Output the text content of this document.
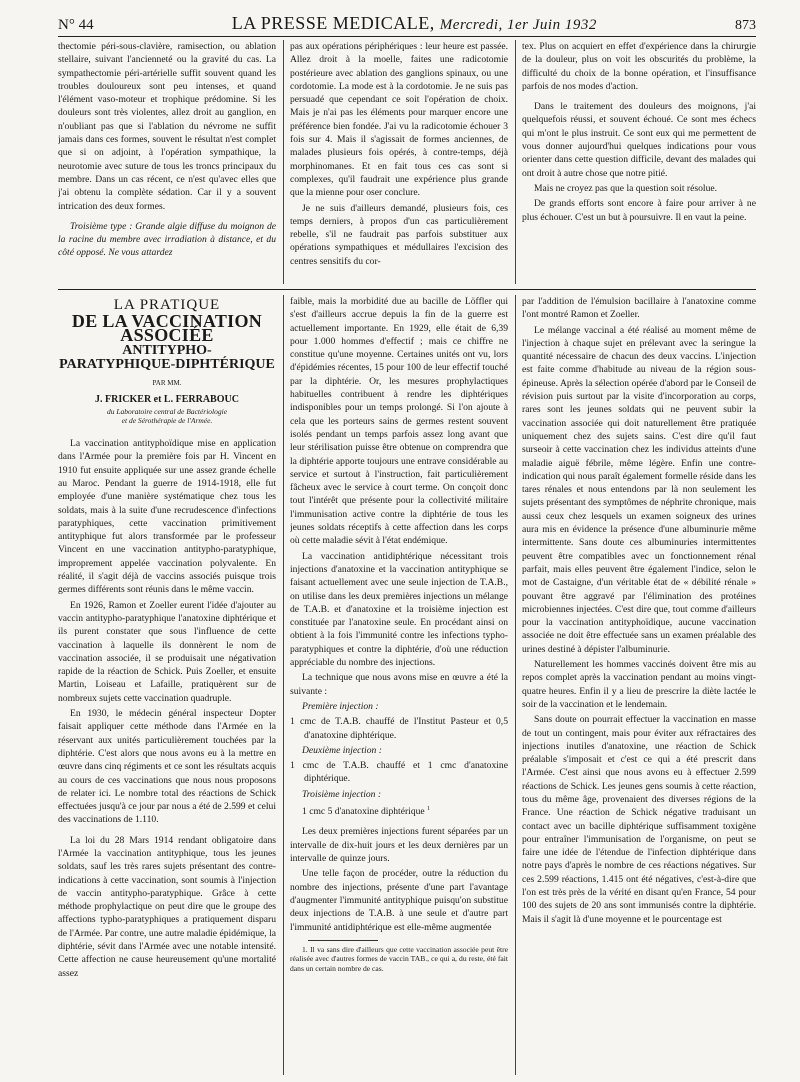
N° 44	LA PRESSE MEDICALE, Mercredi, 1er Juin 1932	873

thectomie péri-sous-clavière, ramisection, ou ablation stellaire, suivant l'ancienneté ou la gravité du cas. La sympathectomie péri-artérielle suffit souvent quand les troubles douloureux sont peu intenses, et quand l'élément vaso-moteur et trophique prédomine. Si les douleurs sont très violentes, allez droit au ganglion, en n'oubliant pas que si l'ablation du névrome ne suffit jamais dans ces formes, souvent le résultat n'est complet que si on adjoint, à l'opération sympathique, la neurotomie avec suture de tous les troncs principaux du membre. Dans un cas récent, ce n'est qu'avec elles que j'ai obtenu la complète sédation. Car il y a souvent intrication des deux formes.

Troisième type : Grande algie diffuse du moignon de la racine du membre avec irradiation à distance, et du côté opposé. Ne vous attardez

pas aux opérations périphériques : leur heure est passée. Allez droit à la moelle, faites une radicotomie postérieure avec ablation des ganglions spinaux, ou une cordotomie. La mode est à la cordotomie. Je ne suis pas persuadé que cependant ce soit l'opération de choix. Mais je n'ai pas les éléments pour marquer encore une préférence bien fondée. J'ai vu la radicotomie échouer 3 fois sur 4. Mais il s'agissait de formes anciennes, de malades plusieurs fois opérés, à contre-temps, déjà morphinomanes. Et en fait tous ces cas sont si complexes, qu'il faudrait une expérience plus grande que la mienne pour oser conclure.

Je ne suis d'ailleurs demandé, plusieurs fois, ces temps derniers, à propos d'un cas particulièrement rebelle, s'il ne faudrait pas parfois substituer aux opérations sympathiques et médullaires l'excision des centres sensitifs du cor-

tex. Plus on acquiert en effet d'expérience dans la chirurgie de la douleur, plus on voit les obscurités du problème, la difficulté du choix de la bonne opération, et l'insuffisance parfois de nos modes d'action.

Dans le traitement des douleurs des moignons, j'ai quelquefois réussi, et souvent échoué. Ce sont mes échecs qui m'ont le plus instruit. Ce sont eux qui me permettent de vous donner aujourd'hui quelques indications pour vous orienter dans cette question difficile, devant des malades qui ont droit à autre chose que notre pitié.

Mais ne croyez pas que la question soit résolue.

De grands efforts sont encore à faire pour arriver à ne plus échouer. C'est un but à poursuivre. Il en vaut la peine.

LA PRATIQUE
DE LA VACCINATION ASSOCIÉE
ANTITYPHO-
PARATYPHIQUE-DIPHTÉRIQUE
PAR MM.
J. FRICKER et L. FERRABOUC
du Laboratoire central de Bactériologie
et de Sérothérapie de l'Armée.

La vaccination antityphoïdique mise en application dans l'Armée pour la première fois par H. Vincent en 1910 fut ensuite appliquée sur une assez grande échelle au Maroc. Pendant la guerre de 1914-1918, elle fut employée d'une manière systématique chez tous les soldats, mais à la suite d'une recrudescence d'infections paratyphiques, cette vaccination primitivement antityphique fut alors transformée par le professeur Vincent en une vaccination antitypho-paratyphique, improprement appelée vaccination polyvalente. En réalité, il s'agit déjà de vaccins associés puisque trois germes différents sont réunis dans le même vaccin.

En 1926, Ramon et Zoeller eurent l'idée d'ajouter au vaccin antitypho-paratyphique l'anatoxine diphtérique et ils purent constater que sous l'influence de cette vaccination à laquelle ils donnèrent le nom de vaccination associée, il se produisait une négativation rapide de la réaction de Schick. Puis Zoeller, et ensuite Martin, Loiseau et Lafaille, pratiquèrent sur de nombreux sujets cette vaccination quadruple.

En 1930, le médecin général inspecteur Dopter faisait appliquer cette méthode dans l'Armée en la réservant aux unités particulièrement touchées par la diphtérie. C'est alors que nous avons eu à la mettre en œuvre dans cinq régiments et ce sont les résultats acquis au cours de ces vaccinations que nous nous proposons de relater ici. Le nombre total des réactions de Schick effectuées jusqu'à ce jour par nous a été de 2.599 et celui des vaccinations de 1.110.

La loi du 28 Mars 1914 rendant obligatoire dans l'Armée la vaccination antityphique, tous les jeunes soldats, sauf les très rares sujets présentant des contre-indications à cette vaccination, sont soumis à l'injection de vaccin antitypho-paratyphique. Grâce à cette méthode prophylactique on peut dire que le groupe des affections typho-paratyphiques a pratiquement disparu de l'Armée. Par contre, une autre maladie épidémique, la diphtérie, sévit dans l'Armée avec une notable intensité. Cette affection ne cause heureusement qu'une mortalité assez

faible, mais la morbidité due au bacille de Löffler qui s'est d'ailleurs accrue depuis la fin de la guerre est actuellement importante. En 1929, elle était de 6,39 pour 1.000 hommes d'effectif ; mais ce chiffre ne constitue qu'une moyenne. Certaines unités ont vu, lors d'épidémies récentes, 15 pour 100 de leur effectif touché par la diphtérie. Or, les mesures prophylactiques habituelles contribuent à rendre les diphtériques indisponibles pour un temps prolongé. Si l'on ajoute à cela que les porteurs sains de germes restent souvent isolés pendant un temps parfois assez long avant que leur stérilisation puisse être obtenue on comprendra que la diphtérie apporte toujours une entrave considérable au service et surtout à l'instruction, fait particulièrement fâcheux avec le service à court terme. On conçoit donc tout l'intérêt que présente pour la collectivité militaire l'immunisation active contre la diphtérie de tous les jeunes soldats réceptifs à cette affection dans les corps où cette maladie sévit à l'état endémique.

La vaccination antidiphtérique nécessitant trois injections d'anatoxine et la vaccination antityphique se faisant actuellement avec une seule injection de T.A.B., on utilise dans les deux premières injections un mélange de T.A.B. et d'anatoxine et la troisième injection est constituée par l'anatoxine seule. En procédant ainsi on obtient à la fois l'immunité contre les infections typho-paratyphiques et contre la diphtérie, d'où une réduction appréciable du nombre des injections.

La technique que nous avons mise en œuvre a été la suivante :

Première injection :

1 cmc de T.A.B. chauffé de l'Institut Pasteur et 0,5 d'anatoxine diphtérique.

Deuxième injection :

1 cmc de T.A.B. chauffé et 1 cmc d'anatoxine diphtérique.

Troisième injection :

1 cmc 5 d'anatoxine diphtérique $^1$

Les deux premières injections furent séparées par un intervalle de dix-huit jours et les deux dernières par un intervalle de quinze jours.

Une telle façon de procéder, outre la réduction du nombre des injections, présente d'une part l'avantage d'augmenter l'immunité antityphique puisqu'on substitue deux injections de T.A.B. à une seule et d'autre part l'immunité antidiphtérique est elle-même augmentée

1. Il va sans dire d'ailleurs que cette vaccination associée peut être réalisée avec d'autres formes de vaccin TAB., ce qui a, du reste, été fait dans un certain nombre de cas.

par l'addition de l'émulsion bacillaire à l'anatoxine comme l'ont montré Ramon et Zoeller.

Le mélange vaccinal a été réalisé au moment même de l'injection à chaque sujet en prélevant avec la seringue la quantité nécessaire de chacun des deux vaccins. L'injection est faite comme d'habitude au niveau de la région sous-épineuse. Après la sélection opérée d'abord par le Conseil de révision puis surtout par la visite d'incorporation au corps, rares sont les jeunes soldats qui ne peuvent subir la vaccination associée qui doit naturellement être pratiquée uniquement chez des sujets sains. C'est dire qu'il faut surseoir à cette vaccination chez les individus atteints d'une maladie aiguë fébrile, même légère. Enfin une contre-indication qui nous paraît également formelle réside dans les tares rénales et nous entendons par là non seulement les sujets présentant des symptômes de néphrite chronique, mais aussi ceux chez lesquels un examen soigneux des urines aura mis en évidence la présence d'une albuminurie même intermittente. Sans doute ces albuminuries intermittentes peuvent être compatibles avec un fonctionnement rénal parfait, mais elles peuvent être également l'indice, selon le mot de Castaigne, d'un véritable état de « débilité rénale » pouvant être aggravé par l'élimination des protéines microbiennes injectées. C'est dire que, tout comme d'ailleurs pour la vaccination antityphoïdique, aucune vaccination associée ne doit être effectuée sans un examen préalable des urines destiné à dépister l'albuminurie.

Naturellement les hommes vaccinés doivent être mis au repos complet après la vaccination pendant au moins vingt-quatre heures. Enfin il y a lieu de prescrire la diète lactée le soir de la vaccination et le lendemain.

Sans doute on pourrait effectuer la vaccination en masse de tout un contingent, mais pour éviter aux réfractaires des injections inutiles d'anatoxine, une réaction de Schick préalable s'imposait et c'est ce qui a été prescrit dans l'Armée. C'est ainsi que nous avons eu à effectuer 2.599 réactions de Schick. Les jeunes gens soumis à cette réaction, tous du même âge, provenaient des diverses régions de la France. Une réaction de Schick négative traduisant un contact avec un bacille diphtérique suffisamment toxigène pour entraîner l'immunisation de l'organisme, on peut se faire une idée de l'étendue de l'infection diphtérique dans notre pays d'après le nombre de ces réactions négatives. Sur ces 2.599 réactions, 1.415 ont été négatives, c'est-à-dire que l'on est très près de la vérité en disant qu'en France, 54 pour 100 des sujets de 20 ans sont immunisés contre la diphtérie. Mais il s'agit là d'une moyenne et le pourcentage est
